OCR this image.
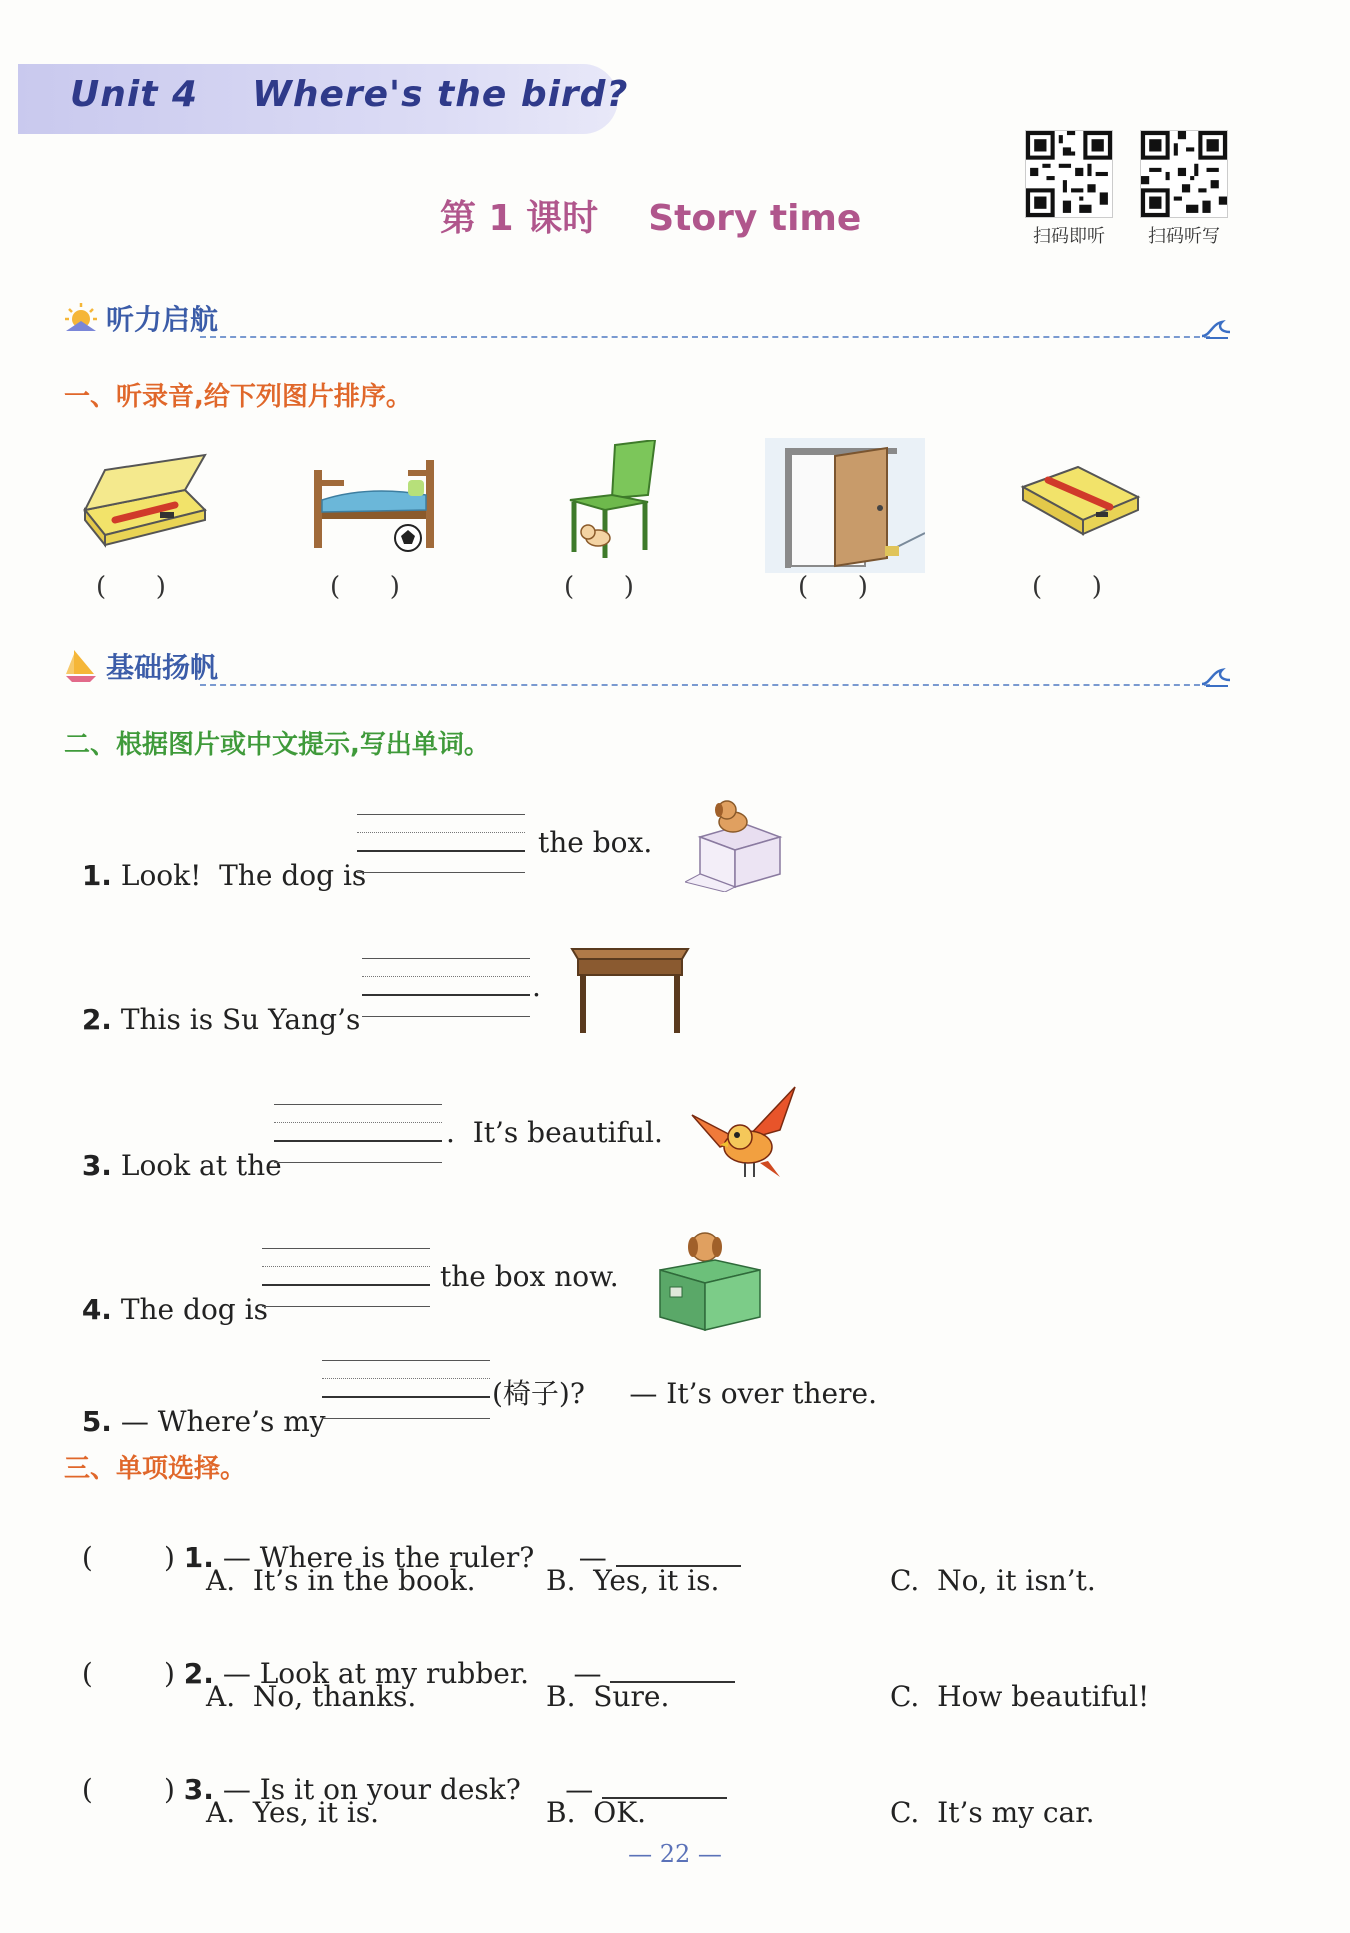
Unit 4    Where's the bird?
第 1 课时    Story time	扫码即听	扫码听写
听力启航
一、听录音,给下列图片排序。
(      )	(      )	(      )	(      )	(      )
基础扬帆
二、根据图片或中文提示,写出单词。

1. Look!  The dog is

the box.

2. This is Su Yang’s

.

3. Look at the

.  It’s beautiful.

4. The dog is

the box now.

5. — Where’s my

(椅子)?     — It’s over there.
三、单项选择。

(        ) 1. — Where is the ruler?     —

A.  It’s in the book.	B.  Yes, it is.	C.  No, it isn’t.

(        ) 2. — Look at my rubber.     —

A.  No, thanks.	B.  Sure.	C.  How beautiful!

(        ) 3. — Is it on your desk?     —

A.  Yes, it is.	B.  OK.	C.  It’s my car.
— 22 —
